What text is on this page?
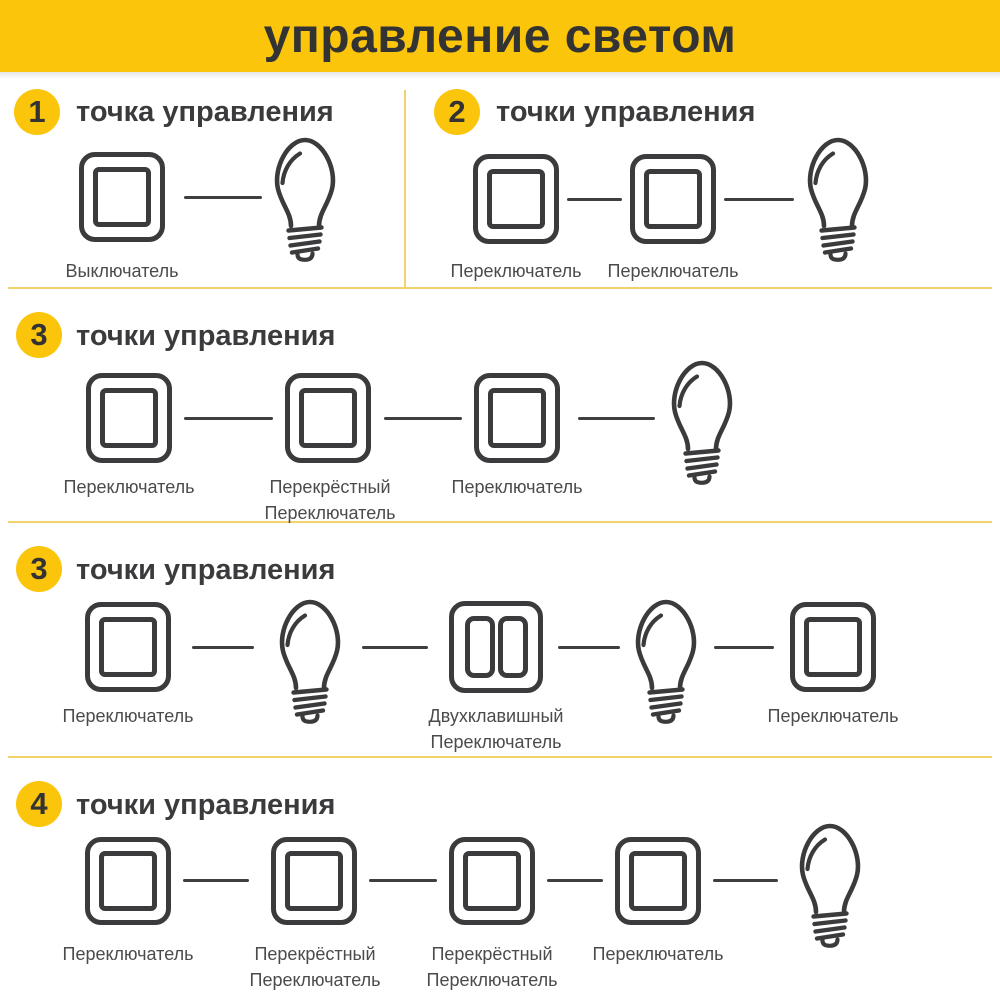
управление светом
1	точка управления
Выключатель
2	точки управления
Переключатель Переключатель
3 точки управления
Переключатель	Перекрёстный
Переключатель
Переключатель
3 точки управления
Переключатель	Двухклавишный
Переключатель
Переключатель
4 точки управления
Переключатель	Перекрёстный
Переключатель
Перекрёстный
Переключатель
Переключатель
